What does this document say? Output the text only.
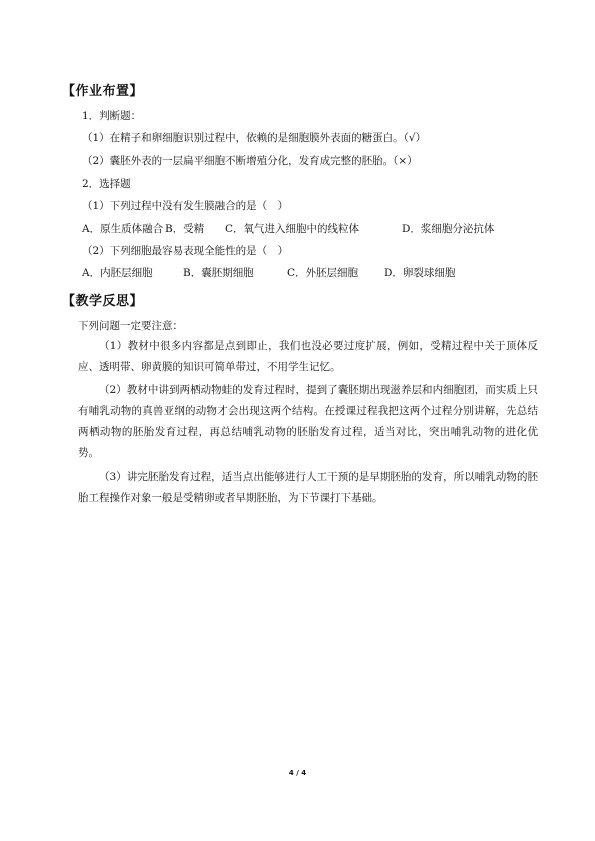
【作业布置】
1．判断题：
（1）在精子和卵细胞识别过程中，依赖的是细胞膜外表面的糖蛋白。（√）
（2）囊胚外表的一层扁平细胞不断增殖分化，发育成完整的胚胎。（×）
2．选择题
（1）下列过程中没有发生膜融合的是（　）
A．原生质体融合 B．受精 C．氧气进入细胞中的线粒体	D．浆细胞分泌抗体
（2）下列细胞最容易表现全能性的是（　）
A．内胚层细胞	B．囊胚期细胞	C．外胚层细胞 D．卵裂球细胞
【教学反思】
下列问题一定要注意：
（1）教材中很多内容都是点到即止，我们也没必要过度扩展，例如，受精过程中关于顶体反应、透明带、卵黄膜的知识可简单带过，不用学生记忆。
（2）教材中讲到两栖动物蛙的发育过程时，提到了囊胚期出现滋养层和内细胞团，而实质上只有哺乳动物的真兽亚纲的动物才会出现这两个结构。在授课过程我把这两个过程分别讲解，先总结两栖动物的胚胎发育过程，再总结哺乳动物的胚胎发育过程，适当对比，突出哺乳动物的进化优势。
（3）讲完胚胎发育过程，适当点出能够进行人工干预的是早期胚胎的发育，所以哺乳动物的胚胎工程操作对象一般是受精卵或者早期胚胎，为下节课打下基础。
4 / 4
